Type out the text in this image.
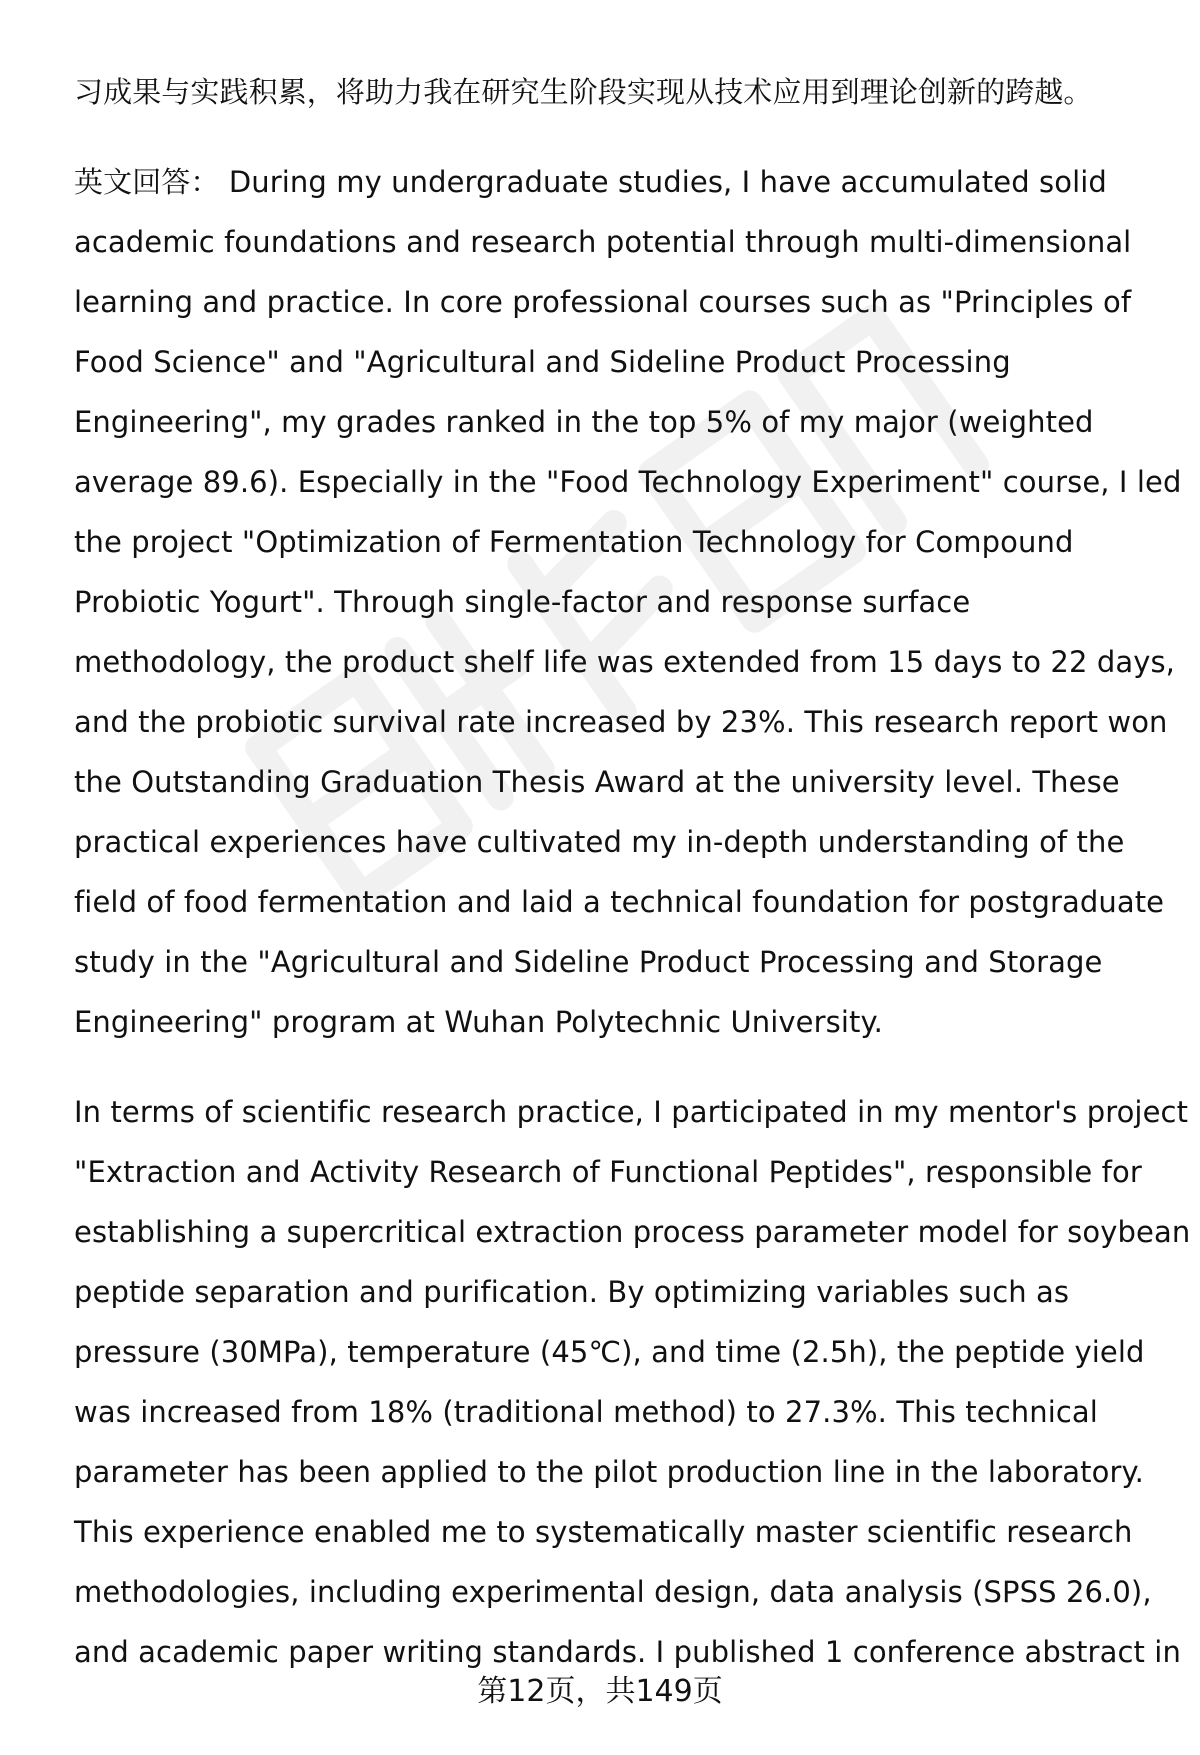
习成果与实践积累，将助力我在研究生阶段实现从技术应用到理论创新的跨越。
英文回答： During my undergraduate studies, I have accumulated solid
academic foundations and research potential through multi-dimensional
learning and practice. In core professional courses such as "Principles of
Food Science" and "Agricultural and Sideline Product Processing
Engineering", my grades ranked in the top 5% of my major (weighted
average 89.6). Especially in the "Food Technology Experiment" course, I led
the project "Optimization of Fermentation Technology for Compound
Probiotic Yogurt". Through single-factor and response surface
methodology, the product shelf life was extended from 15 days to 22 days,
and the probiotic survival rate increased by 23%. This research report won
the Outstanding Graduation Thesis Award at the university level. These
practical experiences have cultivated my in-depth understanding of the
field of food fermentation and laid a technical foundation for postgraduate
study in the "Agricultural and Sideline Product Processing and Storage
Engineering" program at Wuhan Polytechnic University.
In terms of scientific research practice, I participated in my mentor's project
"Extraction and Activity Research of Functional Peptides", responsible for
establishing a supercritical extraction process parameter model for soybean
peptide separation and purification. By optimizing variables such as
pressure (30MPa), temperature (45℃), and time (2.5h), the peptide yield
was increased from 18% (traditional method) to 27.3%. This technical
parameter has been applied to the pilot production line in the laboratory.
This experience enabled me to systematically master scientific research
methodologies, including experimental design, data analysis (SPSS 26.0),
and academic paper writing standards. I published 1 conference abstract in
第12页，共149页
